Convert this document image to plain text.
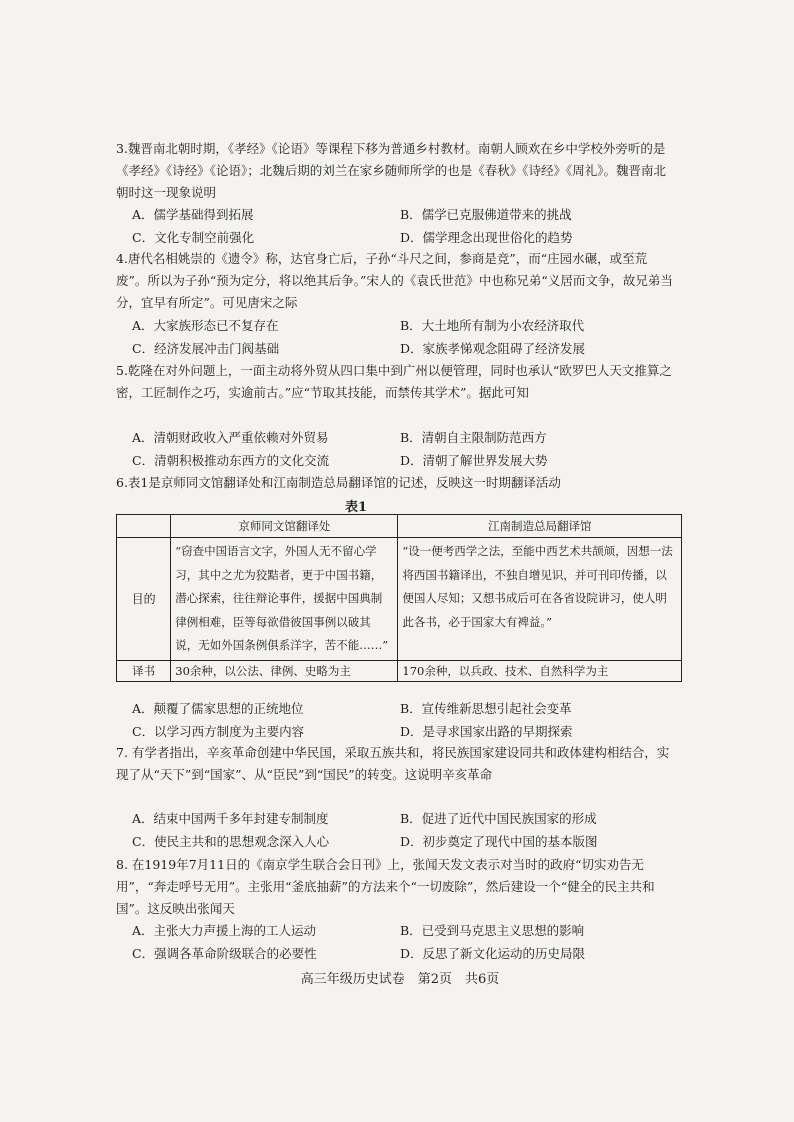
3.魏晋南北朝时期，《孝经》《论语》等课程下移为普通乡村教材。南朝人顾欢在乡中学校外旁听的是《孝经》《诗经》《论语》；北魏后期的刘兰在家乡随师所学的也是《春秋》《诗经》《周礼》。魏晋南北朝时这一现象说明

A．儒学基础得到拓展	B．儒学已克服佛道带来的挑战
C．文化专制空前强化	D．儒学理念出现世俗化的趋势

4.唐代名相姚崇的《遗令》称，达官身亡后，子孙“斗尺之间，参商是竞”，而“庄园水碾，或至荒废”。所以为子孙“预为定分，将以绝其后争。”宋人的《袁氏世范》中也称兄弟“义居而文争，故兄弟当分，宜早有所定”。可见唐宋之际

A．大家族形态已不复存在	B．大土地所有制为小农经济取代
C．经济发展冲击门阀基础	D．家族孝悌观念阻碍了经济发展

5.乾隆在对外问题上，一面主动将外贸从四口集中到广州以便管理，同时也承认“欧罗巴人天文推算之密，工匠制作之巧，实逾前古。”应“节取其技能，而禁传其学术”。据此可知

A．清朝财政收入严重依赖对外贸易	B．清朝自主限制防范西方
C．清朝积极推动东西方的文化交流	D．清朝了解世界发展大势

6.表1是京师同文馆翻译处和江南制造总局翻译馆的记述，反映这一时期翻译活动

表1
	京师同文馆翻译处	江南制造总局翻译馆
目的	“窃查中国语言文字，外国人无不留心学习，其中之尤为狡黠者，更于中国书籍，潜心探索，往往辩论事件，援据中国典制律例相难，臣等每欲借彼国事例以破其说，无如外国条例俱系洋字，苦不能……”	“设一便考西学之法，至能中西艺术共颉颃，因想一法将西国书籍译出，不独自增见识，并可刊印传播，以便国人尽知；又想书成后可在各省设院讲习，使人明此各书，必于国家大有裨益。”
译书	30余种，以公法、律例、史略为主	170余种，以兵政、技术、自然科学为主
A．颠覆了儒家思想的正统地位	B．宣传维新思想引起社会变革
C．以学习西方制度为主要内容	D．是寻求国家出路的早期探索

7. 有学者指出，辛亥革命创建中华民国，采取五族共和，将民族国家建设同共和政体建构相结合，实现了从“天下”到“国家”、从“臣民”到“国民”的转变。这说明辛亥革命

A．结束中国两千多年封建专制制度	B．促进了近代中国民族国家的形成
C．使民主共和的思想观念深入人心	D．初步奠定了现代中国的基本版图

8. 在1919年7月11日的《南京学生联合会日刊》上，张闻天发文表示对当时的政府“切实劝告无用”，“奔走呼号无用”。主张用“釜底抽薪”的方法来个“一切废除”，然后建设一个“健全的民主共和国”。这反映出张闻天

A．主张大力声援上海的工人运动	B．已受到马克思主义思想的影响
C．强调各革命阶级联合的必要性	D．反思了新文化运动的历史局限
高三年级历史试卷　第2页　共6页
